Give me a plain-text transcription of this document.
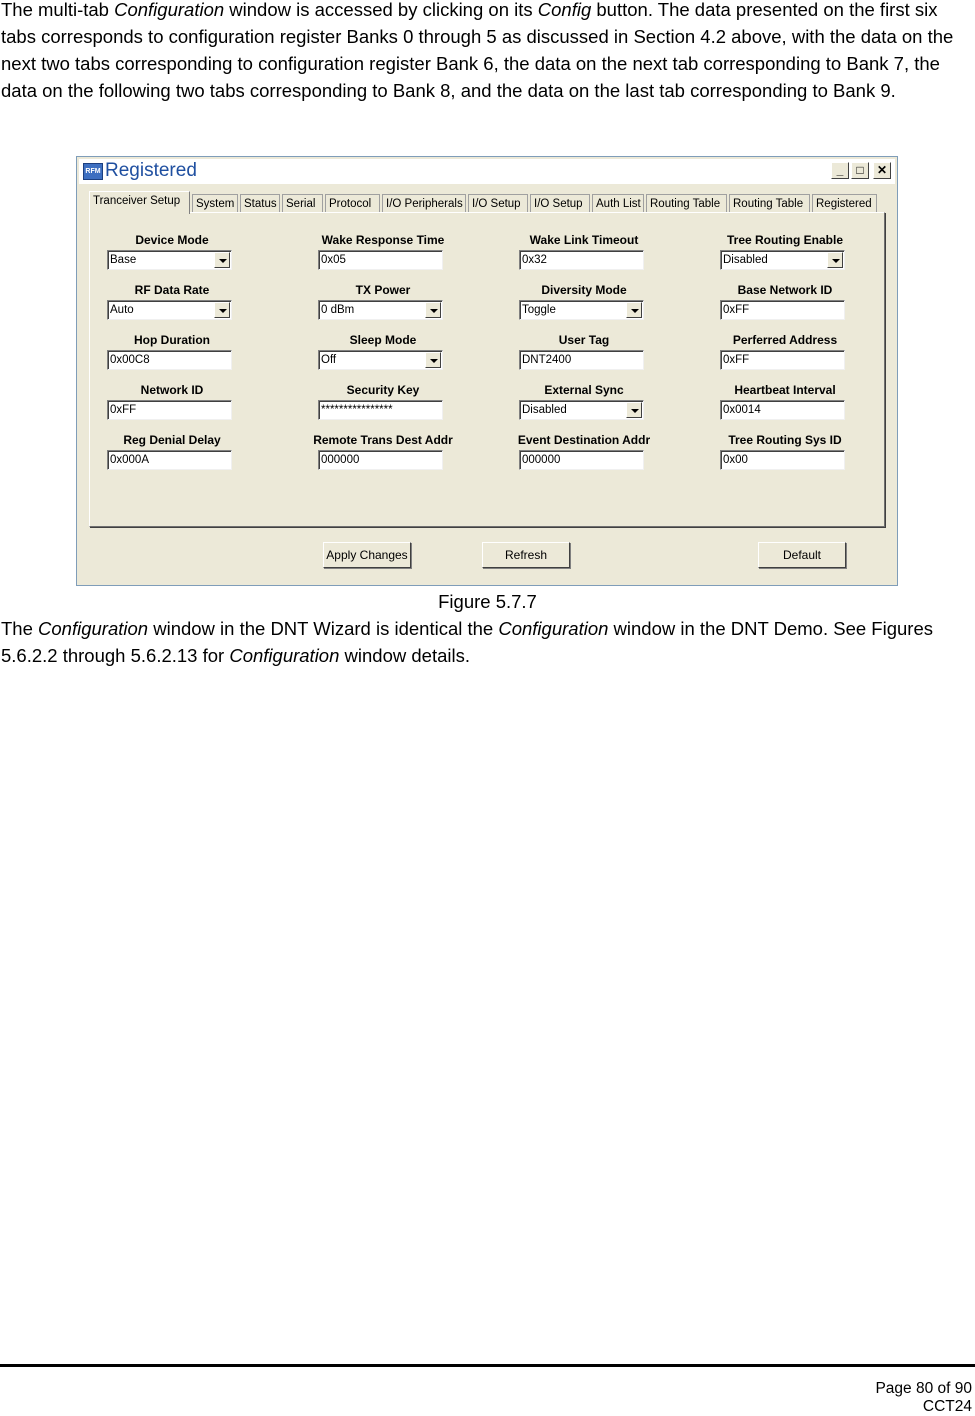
The multi-tab Configuration window is accessed by clicking on its Config button. The data presented on the first six tabs corresponds to configuration register Banks 0 through 5 as discussed in Section 4.2 above, with the data on the next two tabs corresponding to configuration register Bank 6, the data on the next tab corresponding to Bank 7, the data on the following two tabs corresponding to Bank 8, and the data on the last tab corresponding to Bank 9.

RFM Registered	_	□	✕
Tranceiver Setup	System Status Serial	Protocol	I/O Peripherals I/O Setup	I/O Setup	Auth List Routing Table	Routing Table	Registered
Apply Changes	Refresh	Default
Device Mode
Base
Wake Response Time
0x05
Wake Link Timeout
0x32
Tree Routing Enable
Disabled
RF Data Rate
Auto
TX Power
0 dBm
Diversity Mode
Toggle
Base Network ID
0xFF
Hop Duration
0x00C8
Sleep Mode
Off
User Tag
DNT2400
Perferred Address
0xFF
Network ID
0xFF
Security Key
****************
External Sync
Disabled
Heartbeat Interval
0x0014
Reg Denial Delay
0x000A
Remote Trans Dest Addr
000000
Event Destination Addr
000000
Tree Routing Sys ID
0x00
Figure 5.7.7

The Configuration window in the DNT Wizard is identical the Configuration window in the DNT Demo. See Figures 5.6.2.2 through 5.6.2.13 for Configuration window details.

Page 80 of 90
CCT24
